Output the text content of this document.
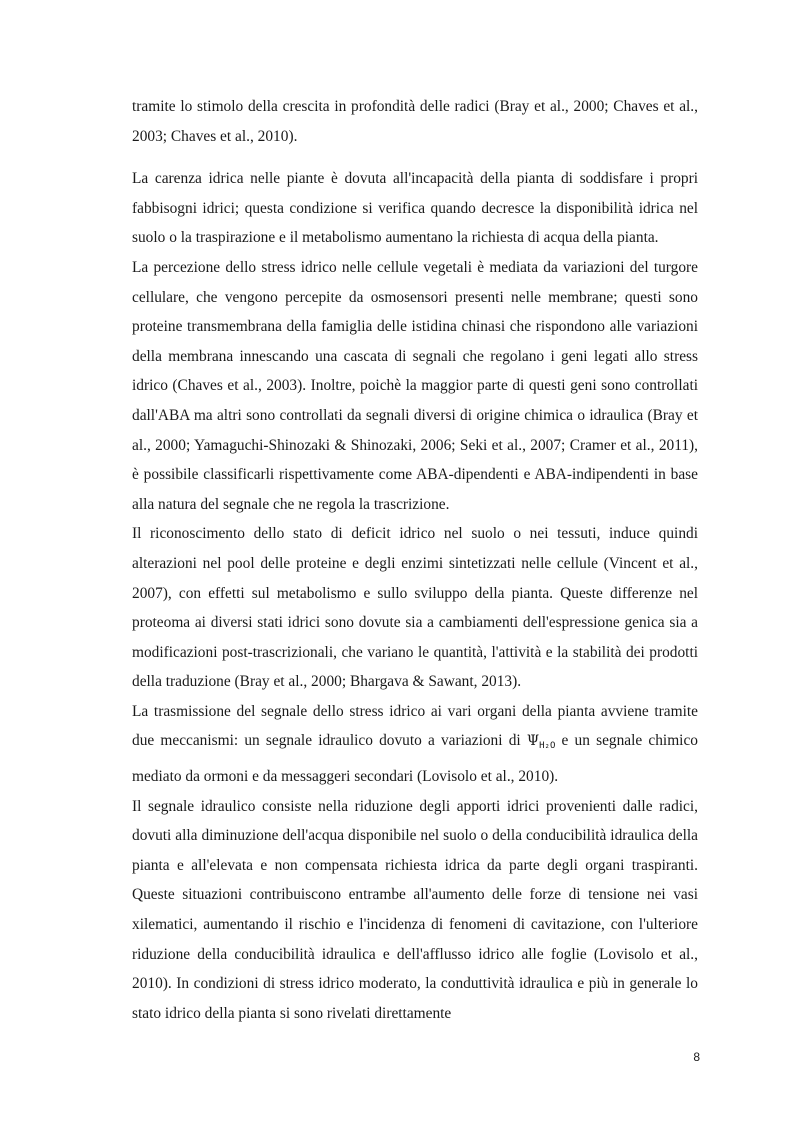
tramite lo stimolo della crescita in profondità delle radici (Bray et al., 2000; Chaves et al., 2003; Chaves et al., 2010).

La carenza idrica nelle piante è dovuta all'incapacità della pianta di soddisfare i propri fabbisogni idrici; questa condizione si verifica quando decresce la disponibilità idrica nel suolo o la traspirazione e il metabolismo aumentano la richiesta di acqua della pianta.

La percezione dello stress idrico nelle cellule vegetali è mediata da variazioni del turgore cellulare, che vengono percepite da osmosensori presenti nelle membrane; questi sono proteine transmembrana della famiglia delle istidina chinasi che rispondono alle variazioni della membrana innescando una cascata di segnali che regolano i geni legati allo stress idrico (Chaves et al., 2003). Inoltre, poichè la maggior parte di questi geni sono controllati dall'ABA ma altri sono controllati da segnali diversi di origine chimica o idraulica (Bray et al., 2000; Yamaguchi-Shinozaki & Shinozaki, 2006; Seki et al., 2007; Cramer et al., 2011), è possibile classificarli rispettivamente come ABA-dipendenti e ABA-indipendenti in base alla natura del segnale che ne regola la trascrizione.

Il riconoscimento dello stato di deficit idrico nel suolo o nei tessuti, induce quindi alterazioni nel pool delle proteine e degli enzimi sintetizzati nelle cellule (Vincent et al., 2007), con effetti sul metabolismo e sullo sviluppo della pianta. Queste differenze nel proteoma ai diversi stati idrici sono dovute sia a cambiamenti dell'espressione genica sia a modificazioni post-trascrizionali, che variano le quantità, l'attività e la stabilità dei prodotti della traduzione (Bray et al., 2000; Bhargava & Sawant, 2013).

La trasmissione del segnale dello stress idrico ai vari organi della pianta avviene tramite due meccanismi: un segnale idraulico dovuto a variazioni di ΨH₂O e un segnale chimico mediato da ormoni e da messaggeri secondari (Lovisolo et al., 2010).

Il segnale idraulico consiste nella riduzione degli apporti idrici provenienti dalle radici, dovuti alla diminuzione dell'acqua disponibile nel suolo o della conducibilità idraulica della pianta e all'elevata e non compensata richiesta idrica da parte degli organi traspiranti. Queste situazioni contribuiscono entrambe all'aumento delle forze di tensione nei vasi xilematici, aumentando il rischio e l'incidenza di fenomeni di cavitazione, con l'ulteriore riduzione della conducibilità idraulica e dell'afflusso idrico alle foglie (Lovisolo et al., 2010). In condizioni di stress idrico moderato, la conduttività idraulica e più in generale lo stato idrico della pianta si sono rivelati direttamente

8
